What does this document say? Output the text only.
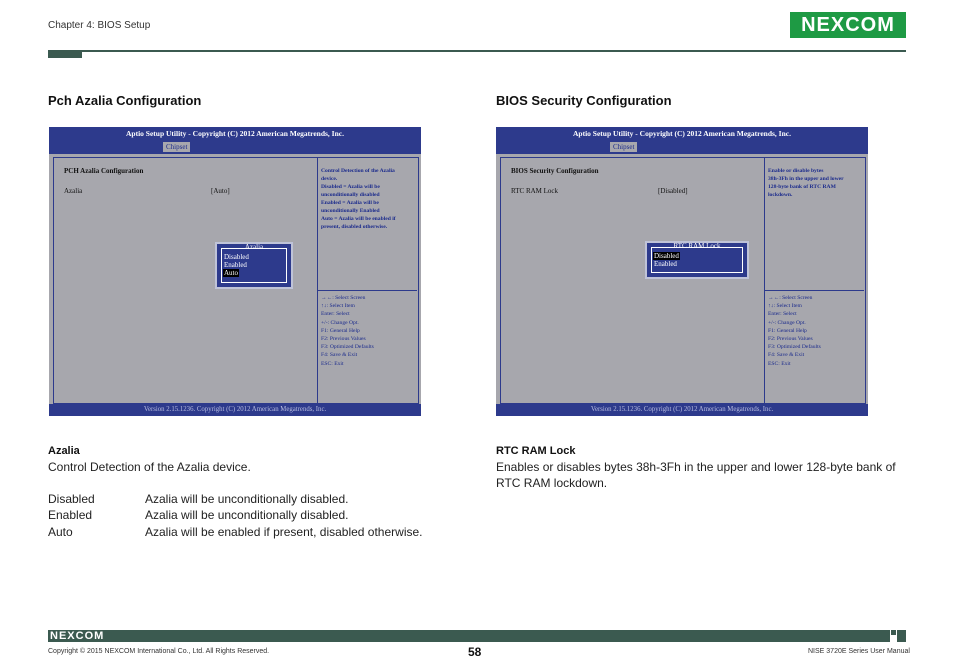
Chapter 4: BIOS Setup	NE X COM
Pch Azalia Configuration	BIOS Security Configuration
Aptio Setup Utility - Copyright (C) 2012 American Megatrends, Inc.
Chipset
PCH Azalia Configuration
Azalia	[Auto]
Control Detection of the Azalia
device.
Disabled = Azalia will be
unconditionally disabled
Enabled = Azalia will be
unconditionally Enabled
Auto = Azalia will be enabled if
present, disabled otherwise.
→←: Select Screen
↑↓: Select Item
Enter: Select
+/-: Change Opt.
F1: General Help
F2: Previous Values
F3: Optimized Defaults
F4: Save & Exit
ESC: Exit
Azalia
Disabled
Enabled
Auto
Version 2.15.1236. Copyright (C) 2012 American Megatrends, Inc.
Aptio Setup Utility - Copyright (C) 2012 American Megatrends, Inc.
Chipset
BIOS Security Configuration
RTC RAM Lock	[Disabled]
Enable or disable bytes
38h-3Fh in the upper and lower
128-byte bank of RTC RAM
lockdown.
→←: Select Screen
↑↓: Select Item
Enter: Select
+/-: Change Opt.
F1: General Help
F2: Previous Values
F3: Optimized Defaults
F4: Save & Exit
ESC: Exit
RTC RAM Lock
Disabled
Enabled
Version 2.15.1236. Copyright (C) 2012 American Megatrends, Inc.
Azalia
Control Detection of the Azalia device.
Disabled	Azalia will be unconditionally disabled.
Enabled	Azalia will be unconditionally disabled.
Auto	Azalia will be enabled if present, disabled otherwise.
RTC RAM Lock
Enables or disables bytes 38h-3Fh in the upper and lower 128-byte bank of
RTC RAM lockdown.
NEXCOM
Copyright © 2015 NEXCOM International Co., Ltd. All Rights Reserved.	58	NISE 3720E Series User Manual
